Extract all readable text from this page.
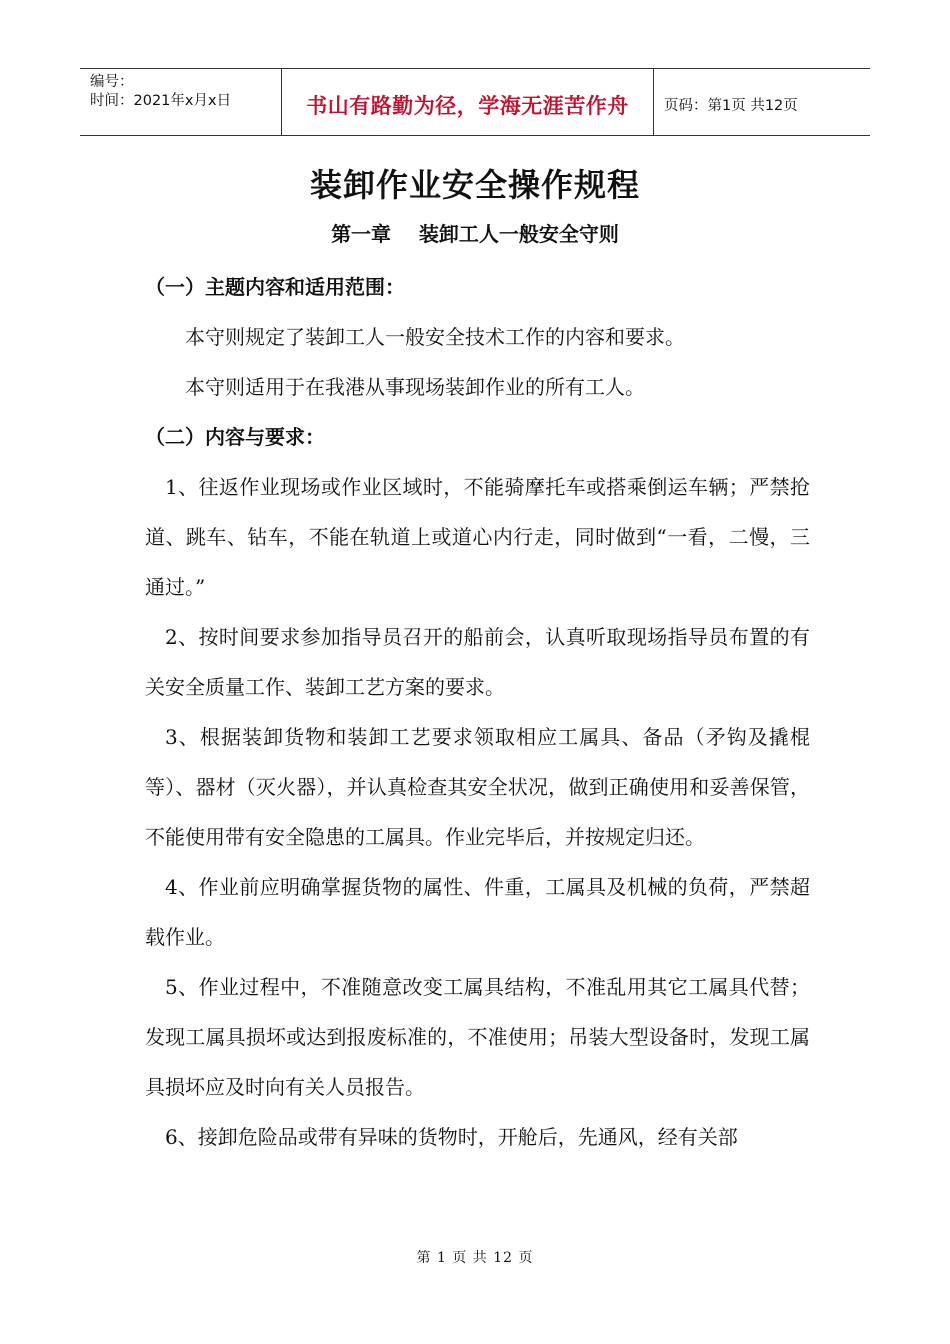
编号：
时间：2021年x月x日	书山有路勤为径，学海无涯苦作舟	页码：第1页 共12页
装卸作业安全操作规程
第一章    装卸工人一般安全守则

（一）主题内容和适用范围：

本守则规定了装卸工人一般安全技术工作的内容和要求。

本守则适用于在我港从事现场装卸作业的所有工人。

（二）内容与要求：

1、往返作业现场或作业区域时，不能骑摩托车或搭乘倒运车辆；严禁抢道、跳车、钻车，不能在轨道上或道心内行走，同时做到“一看，二慢，三通过。”

2、按时间要求参加指导员召开的船前会，认真听取现场指导员布置的有关安全质量工作、装卸工艺方案的要求。

3、根据装卸货物和装卸工艺要求领取相应工属具、备品（矛钩及撬棍等）、器材（灭火器），并认真检查其安全状况，做到正确使用和妥善保管，不能使用带有安全隐患的工属具。作业完毕后，并按规定归还。

4、作业前应明确掌握货物的属性、件重，工属具及机械的负荷，严禁超载作业。

5、作业过程中，不准随意改变工属具结构，不准乱用其它工属具代替；发现工属具损坏或达到报废标准的，不准使用；吊装大型设备时，发现工属具损坏应及时向有关人员报告。

6、接卸危险品或带有异味的货物时，开舱后，先通风，经有关部

第 1 页 共 12 页
